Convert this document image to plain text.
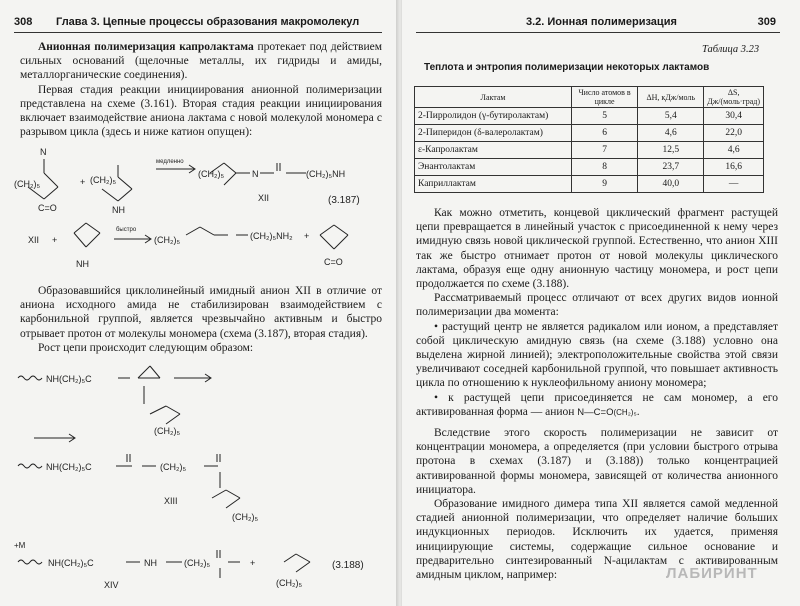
308 Глава 3. Цепные процессы образования макромолекул

Анионная полимеризация капролактама протекает под действием сильных оснований (щелочные металлы, их гидриды и амиды, металлорганические соединения).

Первая стадия реакции инициирования анионной полимеризации представлена на схеме (3.161). Вторая стадия реакции инициирования включает взаимодействие аниона лактама с новой молекулой мономера с разрывом цикла (здесь и ниже катион опущен):

N
(CH₂)₅
C=O
+ (CH₂)₅
NH
медленно
(CH₂)₅	N	(CH₂)₅NH
XII	(3.187)
XII +
NH
быстро
(CH₂)₅	(CH₂)₅NH₂ +
C=O

Образовавшийся циклолинейный имидный анион XII в отличие от аниона исходного амида не стабилизирован взаимодействием с карбонильной группой, является чрезвычайно активным и быстро отрывает протон от молекулы мономера (схема (3.187), вторая стадия).

Рост цепи происходит следующим образом:

NH(CH₂)₅C
(CH₂)₅
NH(CH₂)₅C	(CH₂)₅
(CH₂)₅
XIII
+M
NH(CH₂)₅C	NH	(CH₂)₅	+
(CH₂)₅
XIV
(3.188)
3.2. Ионная полимеризация	309
Таблица 3.23
Теплота и энтропия полимеризации некоторых лактамов
Лактам	Число атомов в цикле	ΔH, кДж/моль	ΔS, Дж/(моль·град)
2-Пирролидон (γ-бутиролактам)	5	5,4	30,4
2-Пиперидон (δ-валеролактам)	6	4,6	22,0
ε-Капролактам	7	12,5	4,6
Энантолактам	8	23,7	16,6
Каприллактам	9	40,0	—

Как можно отметить, концевой циклический фрагмент растущей цепи превращается в линейный участок с присоединенной к нему через имидную связь новой циклической группой. Естественно, что анион XIII так же быстро отнимает протон от новой молекулы циклического лактама, образуя еще одну анионную частицу мономера, и рост цепи продолжается по схеме (3.188).

Рассматриваемый процесс отличают от всех других видов ионной полимеризации два момента:

• растущий центр не является радикалом или ионом, а представляет собой циклическую амидную связь (на схеме (3.188) условно она выделена жирной линией); электроположительные свойства этой связи увеличивают соседней карбонильной группой, что повышает активность цикла по отношению к нуклеофильному аниону мономера;

• к растущей цепи присоединяется не сам мономер, а его активированная форма — анион N—C=O(CH₂)₅.

Вследствие этого скорость полимеризации не зависит от концентрации мономера, а определяется (при условии быстрого отрыва протона в схемах (3.187) и (3.188)) только концентрацией активированной формы мономера, зависящей от количества анионного инициатора.

Образование имидного димера типа XII является самой медленной стадией анионной полимеризации, что определяет наличие больших индукционных периодов. Исключить их удается, применяя инициирующие системы, содержащие сильное основание и предварительно синтезированный N-ацилактам с активированным амидным циклом, например:	ЛАБИРИНТ
